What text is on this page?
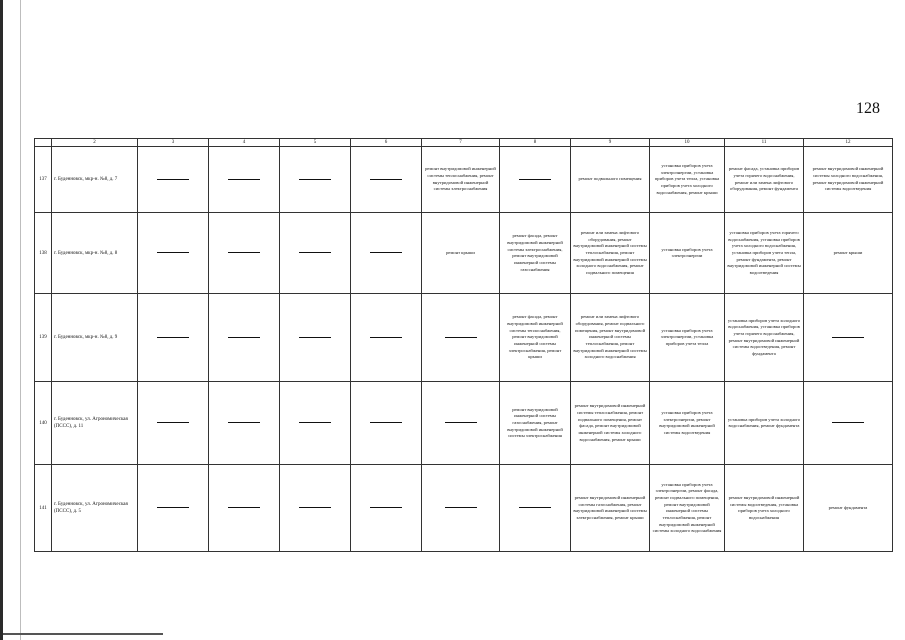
128
	2	3	4	5	6	7	8	9	10	11	12
137	г. Буденновск, мкр-н. №8, д. 7					ремонт внутридомовой инженерной системы теплоснабжения, ремонт внутридомовой инженерной системы электроснабжения		ремонт подвального помещения	установка приборов учета электроэнергии, установка приборов учета тепла, установка приборов учета холодного водоснабжения, ремонт крыши	ремонт фасада, установка приборов учета горячего водоснабжения, ремонт или замена лифтового оборудования, ремонт фундамента	ремонт внутридомовой инженерной системы холодного водоснабжения, ремонт внутридомовой инженерной системы водоотведения
138	г. Буденновск, мкр-н. №8, д. 8					ремонт крыши	ремонт фасада, ремонт внутридомовой инженерной системы электроснабжения, ремонт внутридомовой инженерной системы газоснабжения	ремонт или замена лифтового оборудования, ремонт внутридомовой инженерной системы теплоснабжения, ремонт внутридомовой инженерной системы холодного водоснабжения, ремонт подвального помещения	установка приборов учета электроэнергии	установка приборов учета горячего водоснабжения, установка приборов учета холодного водоснабжения, установка приборов учета тепла, ремонт фундамента, ремонт внутридомовой инженерной системы водоотведения	ремонт крыши
139	г. Буденновск, мкр-н. №8, д. 9						ремонт фасада, ремонт внутридомовой инженерной системы теплоснабжения, ремонт внутридомовой инженерной системы электроснабжения, ремонт крыши	ремонт или замена лифтового оборудования, ремонт подвального помещения, ремонт внутридомовой инженерной системы теплоснабжения, ремонт внутридомовой инженерной системы холодного водоснабжения	установка приборов учета электроэнергии, установка приборов учета тепла	установка приборов учета холодного водоснабжения, установка приборов учета горячего водоснабжения, ремонт внутридомовой инженерной системы водоотведения, ремонт фундамента	
140	г. Буденновск, ул. Агрономическая (ПССС), д. 11						ремонт внутридомовой инженерной системы газоснабжения, ремонт внутридомовой инженерной системы электроснабжения	ремонт внутридомовой инженерной системы теплоснабжения, ремонт подвального помещения, ремонт фасада, ремонт внутридомовой инженерной системы холодного водоснабжения, ремонт крыши	установка приборов учета электроэнергии, ремонт внутридомовой инженерной системы водоотведения	установка приборов учета холодного водоснабжения, ремонт фундамента	
141	г. Буденновск, ул. Агрономическая (ПССС), д. 5							ремонт внутридомовой инженерной системы газоснабжения, ремонт внутридомовой инженерной системы электроснабжения, ремонт крыши	установка приборов учета электроэнергии, ремонт фасада, ремонт подвального помещения, ремонт внутридомовой инженерной системы теплоснабжения, ремонт внутридомовой инженерной системы холодного водоснабжения	ремонт внутридомовой инженерной системы водоотведения, установка приборов учета холодного водоснабжения	ремонт фундамента
